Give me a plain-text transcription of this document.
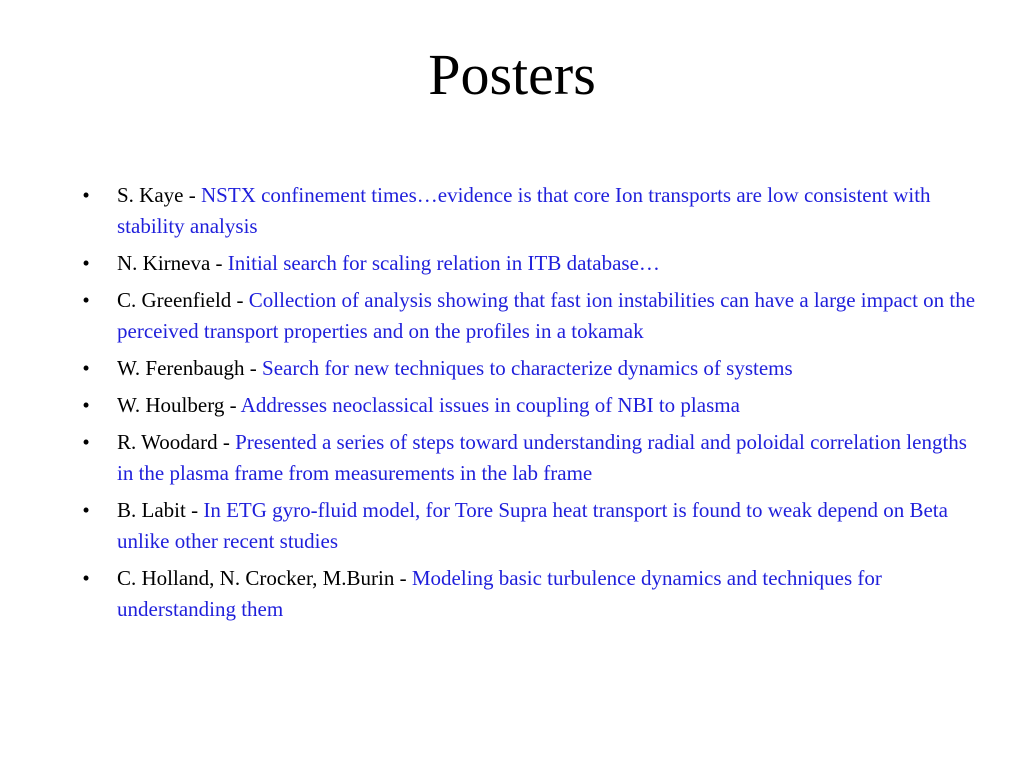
Posters
•	S. Kaye - NSTX confinement times…evidence is that core Ion transports are low consistent with stability analysis
•	N. Kirneva - Initial search for scaling relation in ITB database…
•	C. Greenfield - Collection of analysis showing that fast ion instabilities can have a large impact on the perceived transport properties and on the profiles in a tokamak
•	W. Ferenbaugh - Search for new techniques to characterize dynamics of systems
•	W. Houlberg - Addresses neoclassical issues in coupling of NBI to plasma
•	R. Woodard - Presented a series of steps toward understanding radial and poloidal correlation lengths in the plasma frame from measurements in the lab frame
•	B. Labit - In ETG gyro-fluid model, for Tore Supra heat transport is found to weak depend on Beta unlike other recent studies
•	C. Holland, N. Crocker, M.Burin - Modeling basic turbulence dynamics and techniques for understanding them
